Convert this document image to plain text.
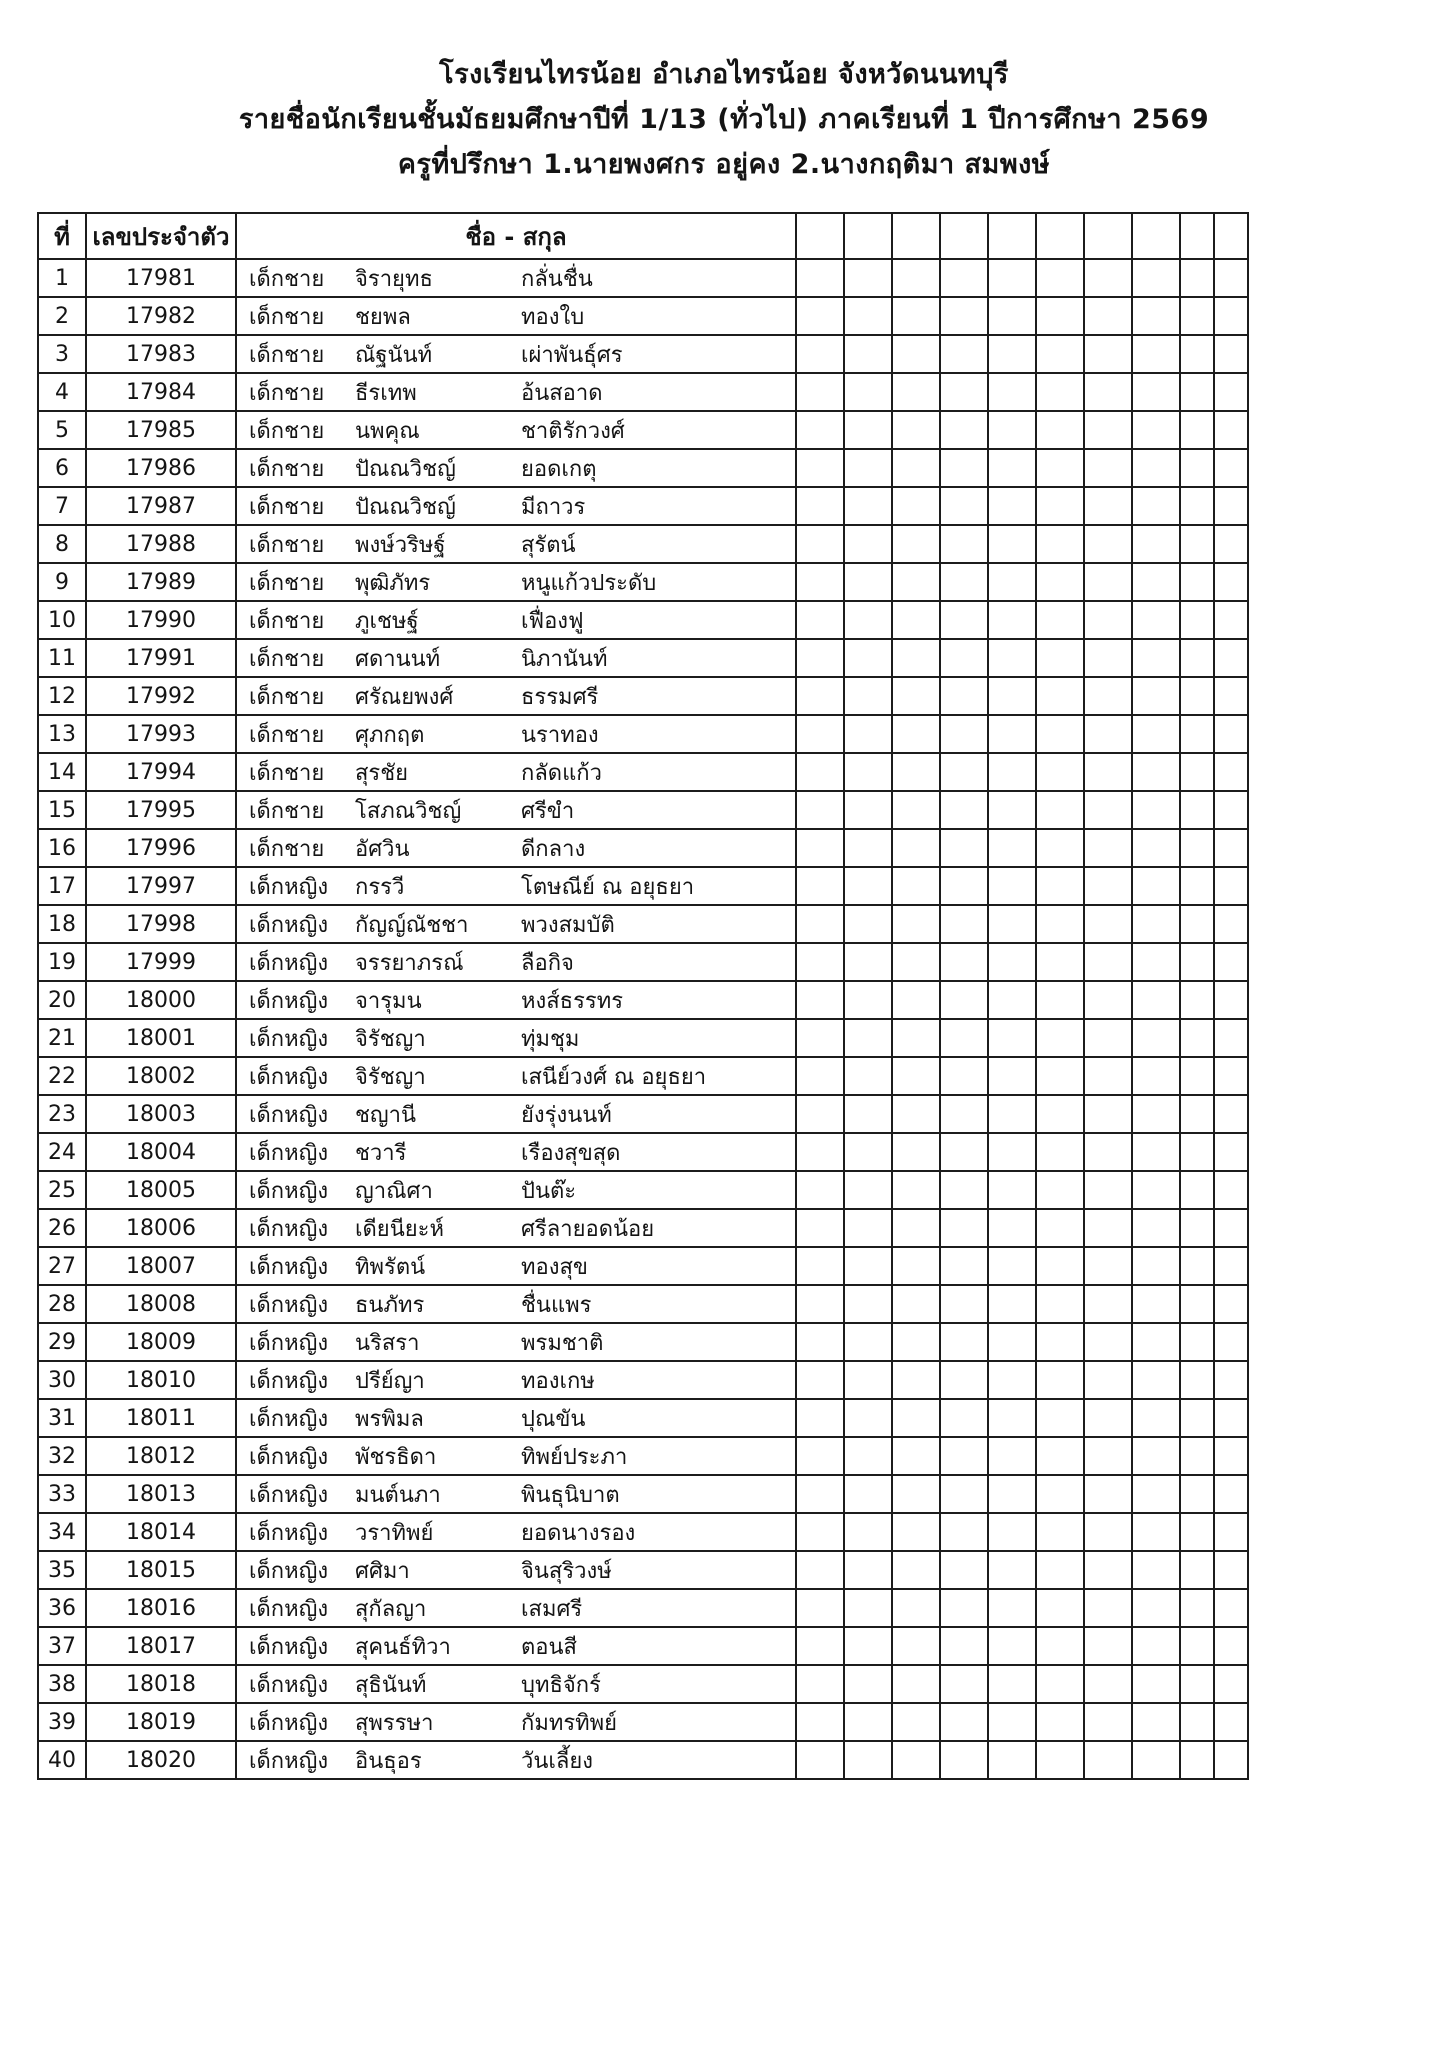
โรงเรียนไทรน้อย อำเภอไทรน้อย จังหวัดนนทบุรี
รายชื่อนักเรียนชั้นมัธยมศึกษาปีที่ 1/13 (ทั่วไป) ภาคเรียนที่ 1 ปีการศึกษา 2569
ครูที่ปรึกษา 1.นายพงศกร อยู่คง 2.นางกฤติมา สมพงษ์
ที่	เลขประจำตัว	ชื่อ - สกุล										
1	17981	เด็กชาย จิรายุทธ กลั่นชื่น										

2	17982	เด็กชาย ชยพล ทองใบ										

3	17983	เด็กชาย ณัฐนันท์ เผ่าพันธุ์ศร										

4	17984	เด็กชาย ธีรเทพ อ้นสอาด										

5	17985	เด็กชาย นพคุณ ชาติรักวงศ์										

6	17986	เด็กชาย ปัณณวิชญ์ ยอดเกตุ										

7	17987	เด็กชาย ปัณณวิชญ์ มีถาวร										

8	17988	เด็กชาย พงษ์วริษฐ์ สุรัตน์										

9	17989	เด็กชาย พุฒิภัทร หนูแก้วประดับ										

10	17990	เด็กชาย ภูเชษฐ์ เฟื่องฟู										

11	17991	เด็กชาย ศดานนท์ นิภานันท์										

12	17992	เด็กชาย ศรัณยพงศ์ ธรรมศรี										

13	17993	เด็กชาย ศุภกฤต นราทอง										

14	17994	เด็กชาย สุรชัย กลัดแก้ว										

15	17995	เด็กชาย โสภณวิชญ์ ศรีขำ										

16	17996	เด็กชาย อัศวิน ดีกลาง										

17	17997	เด็กหญิง กรรวี โตษณีย์ ณ อยุธยา										

18	17998	เด็กหญิง กัญญ์ณัชชา พวงสมบัติ										

19	17999	เด็กหญิง จรรยาภรณ์ ลือกิจ										

20	18000	เด็กหญิง จารุมน หงส์ธรรทร										

21	18001	เด็กหญิง จิรัชญา ทุ่มชุม										

22	18002	เด็กหญิง จิรัชญา เสนีย์วงศ์ ณ อยุธยา										

23	18003	เด็กหญิง ชญานี ยังรุ่งนนท์										

24	18004	เด็กหญิง ชวารี เรืองสุขสุด										

25	18005	เด็กหญิง ญาณิศา ปันต๊ะ										

26	18006	เด็กหญิง เดียนียะห์ ศรีลายอดน้อย										

27	18007	เด็กหญิง ทิพรัตน์ ทองสุข										

28	18008	เด็กหญิง ธนภัทร ชื่นแพร										

29	18009	เด็กหญิง นริสรา พรมชาติ										

30	18010	เด็กหญิง ปรีย์ญา ทองเกษ										

31	18011	เด็กหญิง พรพิมล ปุณขัน										

32	18012	เด็กหญิง พัชรธิดา ทิพย์ประภา										

33	18013	เด็กหญิง มนต์นภา พินธุนิบาต										

34	18014	เด็กหญิง วราทิพย์ ยอดนางรอง										

35	18015	เด็กหญิง ศศิมา จินสุริวงษ์										

36	18016	เด็กหญิง สุกัลญา เสมศรี										

37	18017	เด็กหญิง สุคนธ์ทิวา ตอนสี										

38	18018	เด็กหญิง สุธินันท์ บุทธิจักร์										

39	18019	เด็กหญิง สุพรรษา กัมทรทิพย์										

40	18020	เด็กหญิง อินธุอร วันเลี้ยง										
